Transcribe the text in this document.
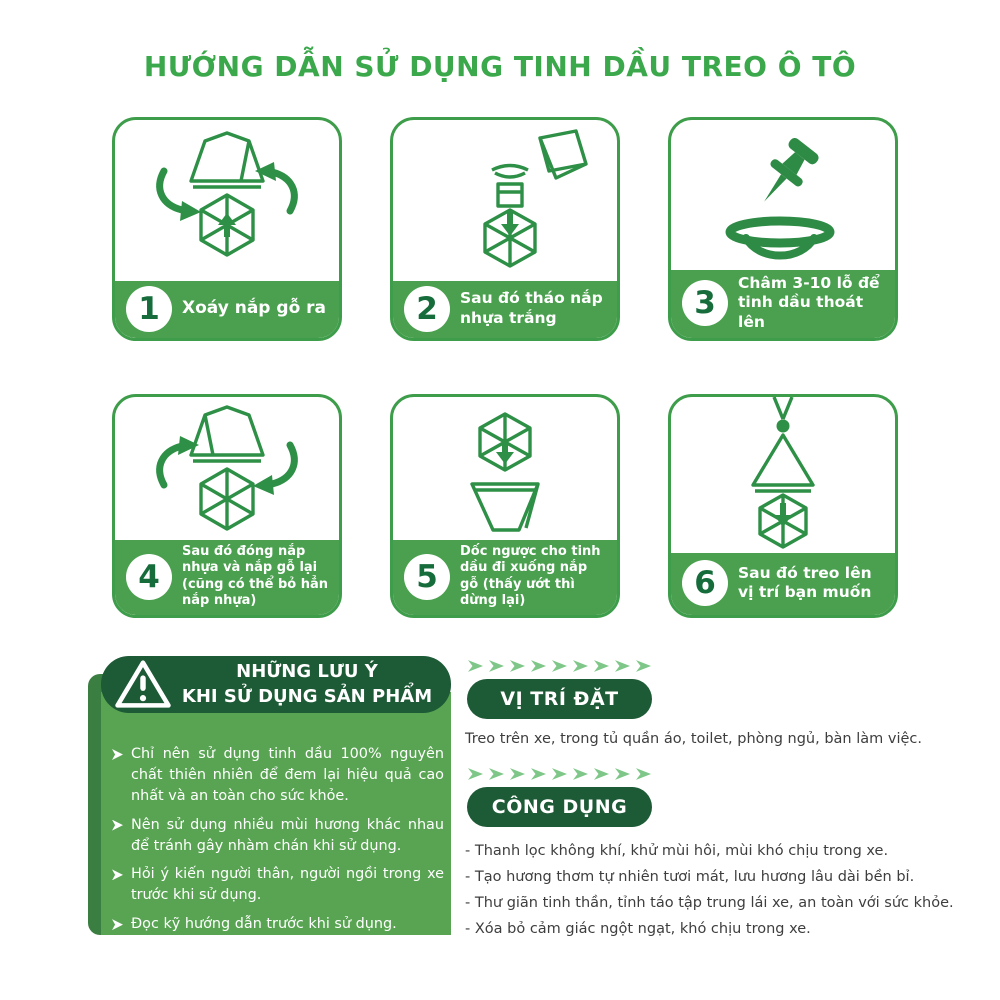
HƯỚNG DẪN SỬ DỤNG TINH DẦU TREO Ô TÔ
1	Xoáy nắp gỗ ra	2	Sau đó tháo nắp nhựa trắng	3
Châm 3-10 lỗ để tinh dầu thoát lên
4
Sau đó đóng nắp nhựa và nắp gỗ lại (cũng có thể bỏ hẳn nắp nhựa)
5
Dốc ngược cho tinh dầu đi xuống nắp gỗ (thấy ướt thì dừng lại)	6	Sau đó treo lên vị trí bạn muốn
NHỮNG LƯU Ý
KHI SỬ DỤNG SẢN PHẨM
Chỉ nên sử dụng tinh dầu 100% nguyên chất thiên nhiên để đem lại hiệu quả cao nhất và an toàn cho sức khỏe.
Nên sử dụng nhiều mùi hương khác nhau để tránh gây nhàm chán khi sử dụng.
Hỏi ý kiến người thân, người ngồi trong xe trước khi sử dụng.
Đọc kỹ hướng dẫn trước khi sử dụng.
VỊ TRÍ ĐẶT
Treo trên xe, trong tủ quần áo, toilet, phòng ngủ, bàn làm việc.
CÔNG DỤNG
- Thanh lọc không khí, khử mùi hôi, mùi khó chịu trong xe.
- Tạo hương thơm tự nhiên tươi mát, lưu hương lâu dài bền bỉ.
- Thư giãn tinh thần, tỉnh táo tập trung lái xe, an toàn với sức khỏe.
- Xóa bỏ cảm giác ngột ngạt, khó chịu trong xe.
